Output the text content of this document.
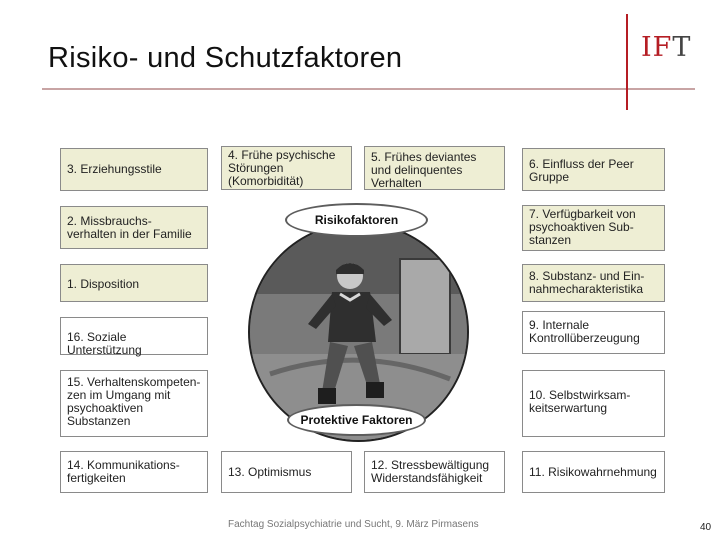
Risiko- und Schutzfaktoren	IFT
3. Erziehungsstile
2. Missbrauchs-
verhalten in der Familie
1. Disposition
4. Frühe psychische
Störungen
(Komorbidität)
5. Frühes deviantes
und delinquentes
Verhalten
6. Einfluss der Peer
Gruppe
7. Verfügbarkeit von
psychoaktiven Sub-
stanzen
8. Substanz- und Ein-
nahmecharakteristika
16. Soziale Unterstützung
15. Verhaltenskompeten-
zen im Umgang mit
psychoaktiven
Substanzen
14. Kommunikations-
fertigkeiten	13. Optimismus	12. Stressbewältigung
Widerstandsfähigkeit	11. Risikowahrnehmung
10. Selbstwirksam-
keitserwartung
9. Internale
Kontrollüberzeugung
Risikofaktoren
Protektive Faktoren
Fachtag Sozialpsychiatrie und Sucht, 9. März Pirmasens	40
